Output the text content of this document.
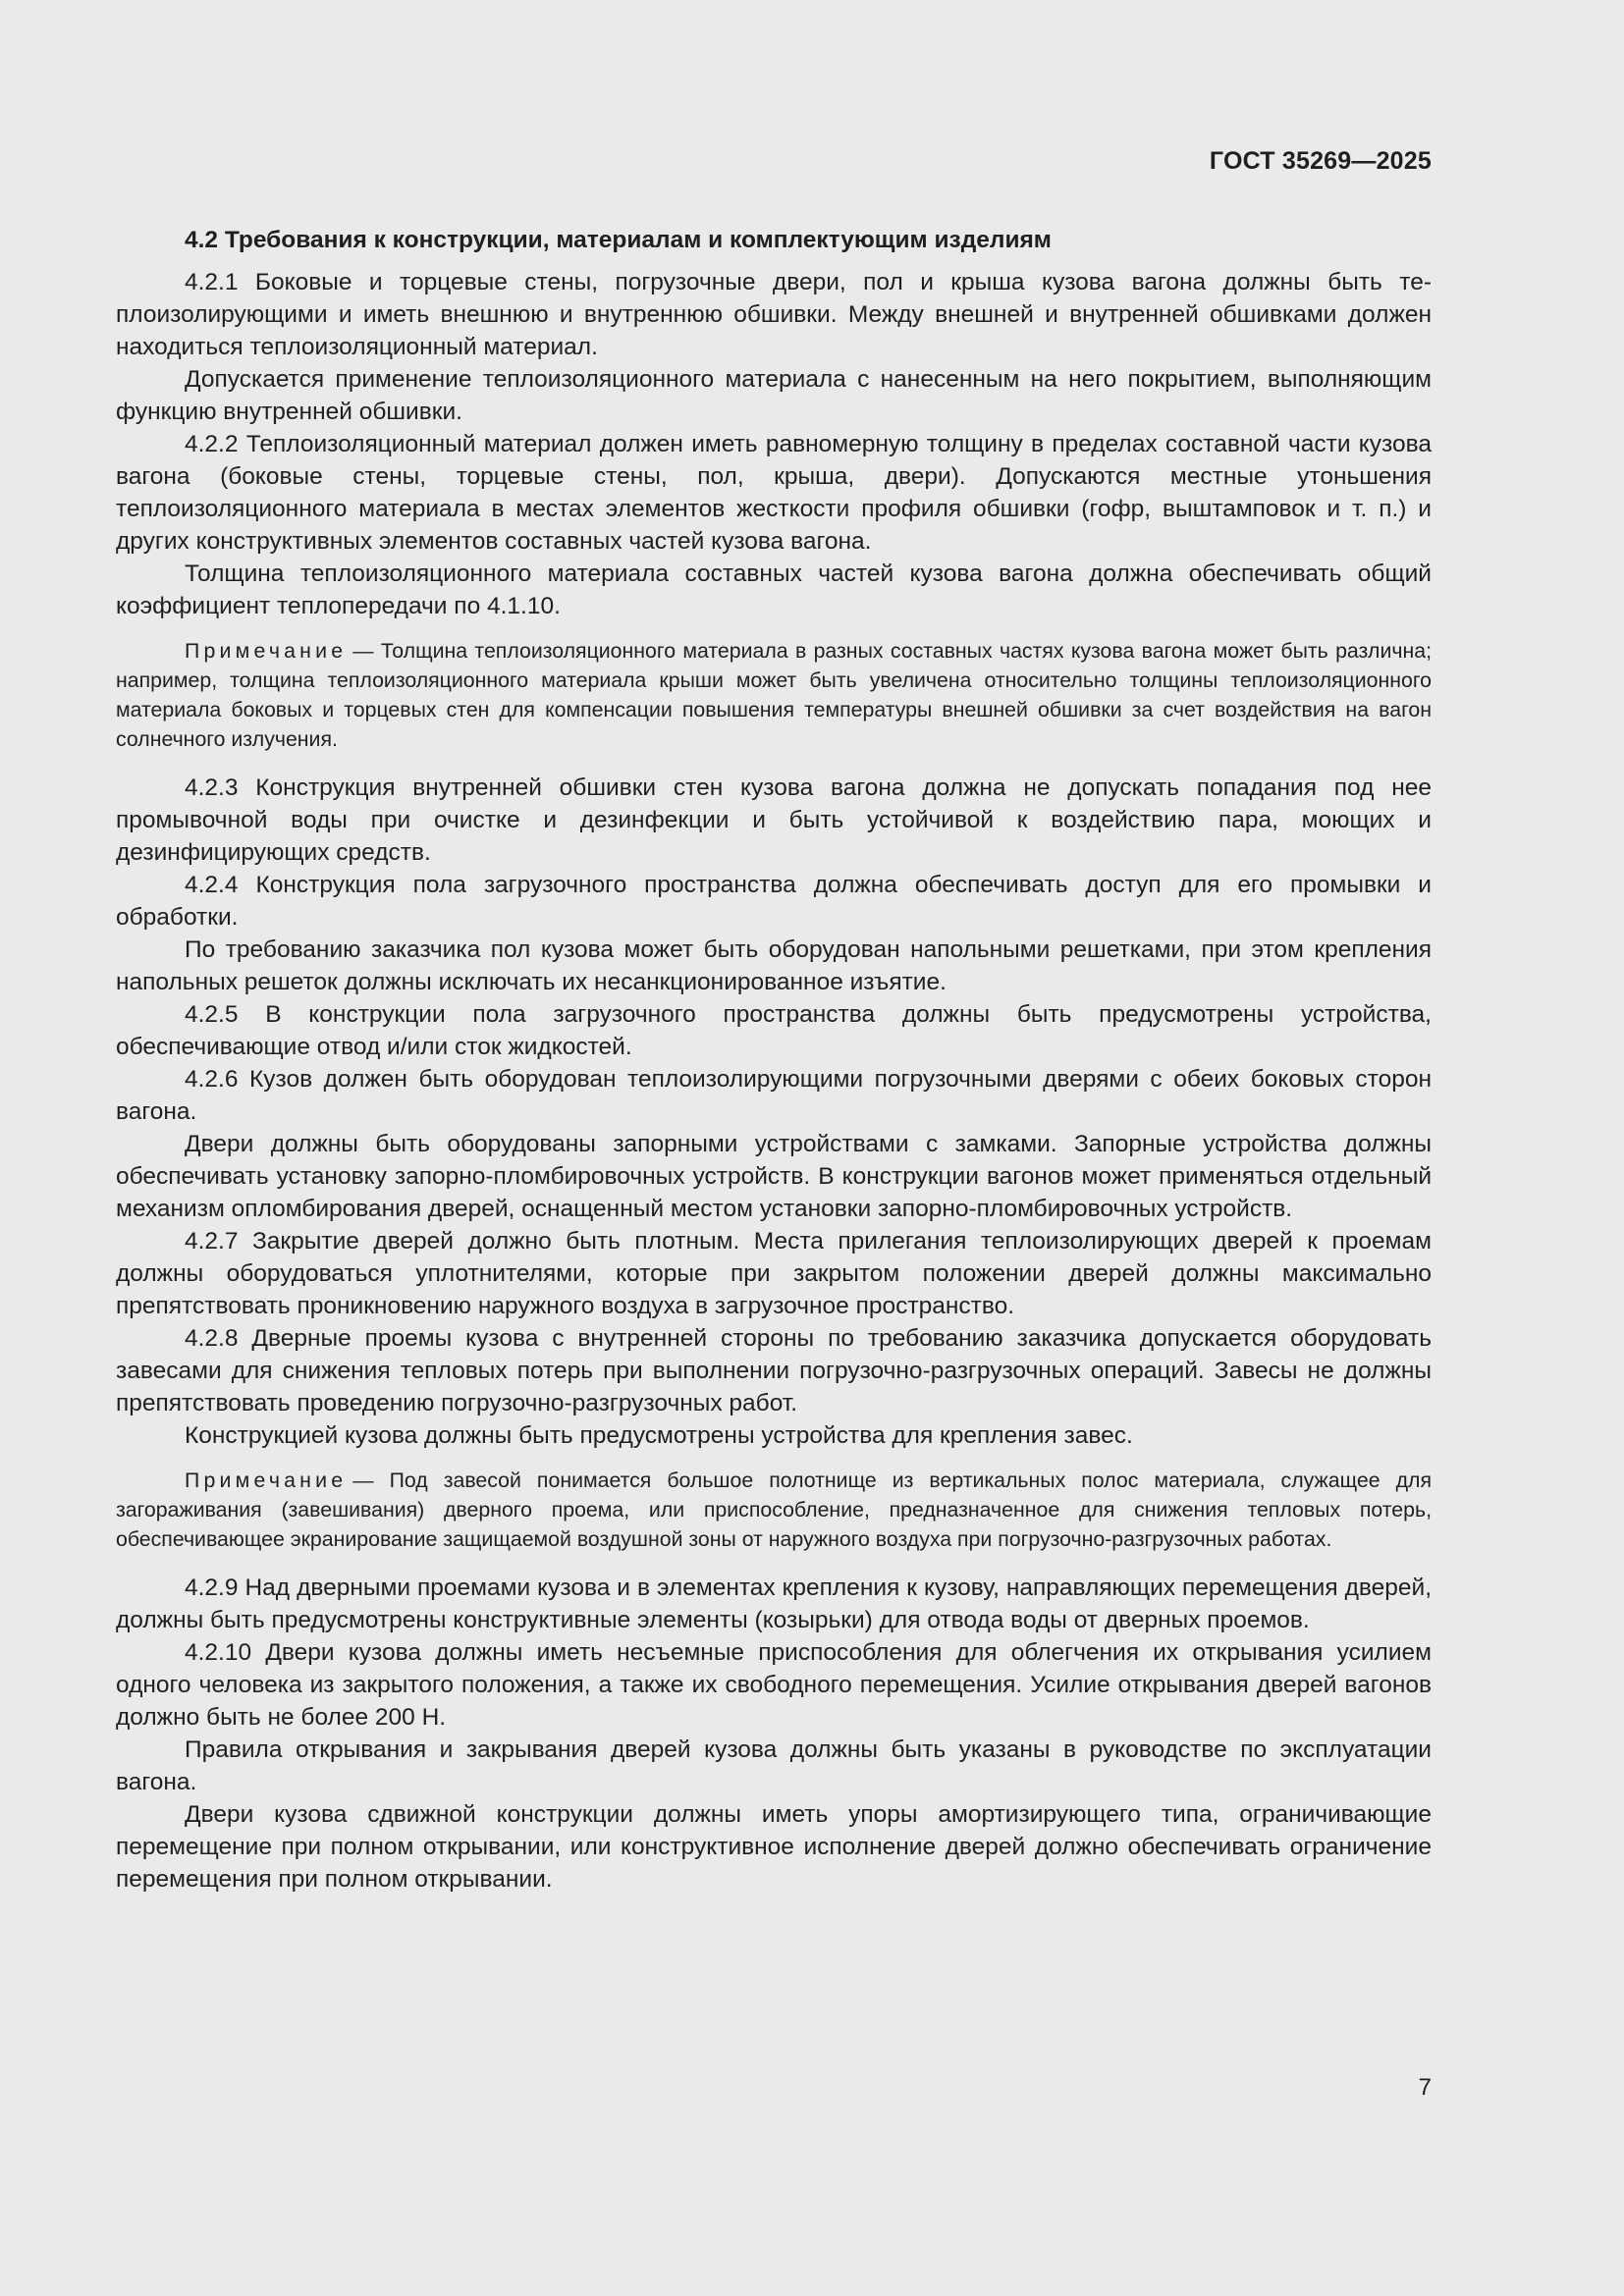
ГОСТ 35269—2025

4.2 Требования к конструкции, материалам и комплектующим изделиям

4.2.1 Боковые и торцевые стены, погрузочные двери, пол и крыша кузова вагона должны быть теплоизолирующими и иметь внешнюю и внутреннюю обшивки. Между внешней и внутренней обшивками должен находиться теплоизоляционный материал.

Допускается применение теплоизоляционного материала с нанесенным на него покрытием, выполняющим функцию внутренней обшивки.

4.2.2 Теплоизоляционный материал должен иметь равномерную толщину в пределах составной части кузова вагона (боковые стены, торцевые стены, пол, крыша, двери). Допускаются местные утоньшения теплоизоляционного материала в местах элементов жесткости профиля обшивки (гофр, выштамповок и т. п.) и других конструктивных элементов составных частей кузова вагона.

Толщина теплоизоляционного материала составных частей кузова вагона должна обеспечивать общий коэффициент теплопередачи по 4.1.10.

Примечание — Толщина теплоизоляционного материала в разных составных частях кузова вагона может быть различна; например, толщина теплоизоляционного материала крыши может быть увеличена относительно толщины теплоизоляционного материала боковых и торцевых стен для компенсации повышения температуры внешней обшивки за счет воздействия на вагон солнечного излучения.

4.2.3 Конструкция внутренней обшивки стен кузова вагона должна не допускать попадания под нее промывочной воды при очистке и дезинфекции и быть устойчивой к воздействию пара, моющих и дезинфицирующих средств.

4.2.4 Конструкция пола загрузочного пространства должна обеспечивать доступ для его промывки и обработки.

По требованию заказчика пол кузова может быть оборудован напольными решетками, при этом крепления напольных решеток должны исключать их несанкционированное изъятие.

4.2.5 В конструкции пола загрузочного пространства должны быть предусмотрены устройства, обеспечивающие отвод и/или сток жидкостей.

4.2.6 Кузов должен быть оборудован теплоизолирующими погрузочными дверями с обеих боковых сторон вагона.

Двери должны быть оборудованы запорными устройствами с замками. Запорные устройства должны обеспечивать установку запорно-пломбировочных устройств. В конструкции вагонов может применяться отдельный механизм опломбирования дверей, оснащенный местом установки запорно-пломбировочных устройств.

4.2.7 Закрытие дверей должно быть плотным. Места прилегания теплоизолирующих дверей к проемам должны оборудоваться уплотнителями, которые при закрытом положении дверей должны максимально препятствовать проникновению наружного воздуха в загрузочное пространство.

4.2.8 Дверные проемы кузова с внутренней стороны по требованию заказчика допускается оборудовать завесами для снижения тепловых потерь при выполнении погрузочно-разгрузочных операций. Завесы не должны препятствовать проведению погрузочно-разгрузочных работ.

Конструкцией кузова должны быть предусмотрены устройства для крепления завес.

Примечание — Под завесой понимается большое полотнище из вертикальных полос материала, служащее для загораживания (завешивания) дверного проема, или приспособление, предназначенное для снижения тепловых потерь, обеспечивающее экранирование защищаемой воздушной зоны от наружного воздуха при погрузочно-разгрузочных работах.

4.2.9 Над дверными проемами кузова и в элементах крепления к кузову, направляющих перемещения дверей, должны быть предусмотрены конструктивные элементы (козырьки) для отвода воды от дверных проемов.

4.2.10 Двери кузова должны иметь несъемные приспособления для облегчения их открывания усилием одного человека из закрытого положения, а также их свободного перемещения. Усилие открывания дверей вагонов должно быть не более 200 Н.

Правила открывания и закрывания дверей кузова должны быть указаны в руководстве по эксплуатации вагона.

Двери кузова сдвижной конструкции должны иметь упоры амортизирующего типа, ограничивающие перемещение при полном открывании, или конструктивное исполнение дверей должно обеспечивать ограничение перемещения при полном открывании.

7
